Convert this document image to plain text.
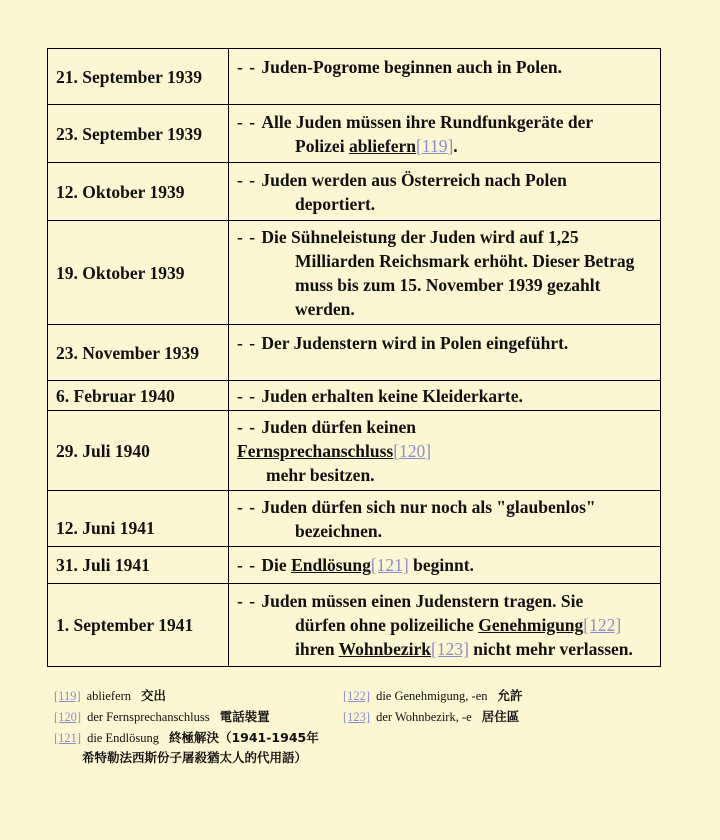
21. September 1939	- - Juden-Pogrome beginnen auch in Polen.

23. September 1939	- - Alle Juden müssen ihre Rundfunkgeräte der
Polizei abliefern[119].

12. Oktober 1939	- - Juden werden aus Österreich nach Polen
deportiert.

19. Oktober 1939	- - Die Sühneleistung der Juden wird auf 1,25
Milliarden Reichsmark erhöht. Dieser Betrag
muss bis zum 15. November 1939 gezahlt
werden.

23. November 1939	- - Der Judenstern wird in Polen eingeführt.

6. Februar 1940	- - Juden erhalten keine Kleiderkarte.

29. Juli 1940	- - Juden dürfen keinen
Fernsprechanschluss[120]
mehr besitzen.

12. Juni 1941	- - Juden dürfen sich nur noch als "glaubenlos"
bezeichnen.

31. Juli 1941	- - Die Endlösung[121] beginnt.

1. September 1941	- - Juden müssen einen Judenstern tragen. Sie
dürfen ohne polizeiliche Genehmigung[122]
ihren Wohnbezirk[123] nicht mehr verlassen.
[119] abliefern 交出
[120] der Fernsprechanschluss 電話裝置
[121] die Endlösung 終極解決（1941-1945年
希特勒法西斯份子屠殺猶太人的代用語）
[122] die Genehmigung, -en 允許
[123] der Wohnbezirk, -e 居住區
